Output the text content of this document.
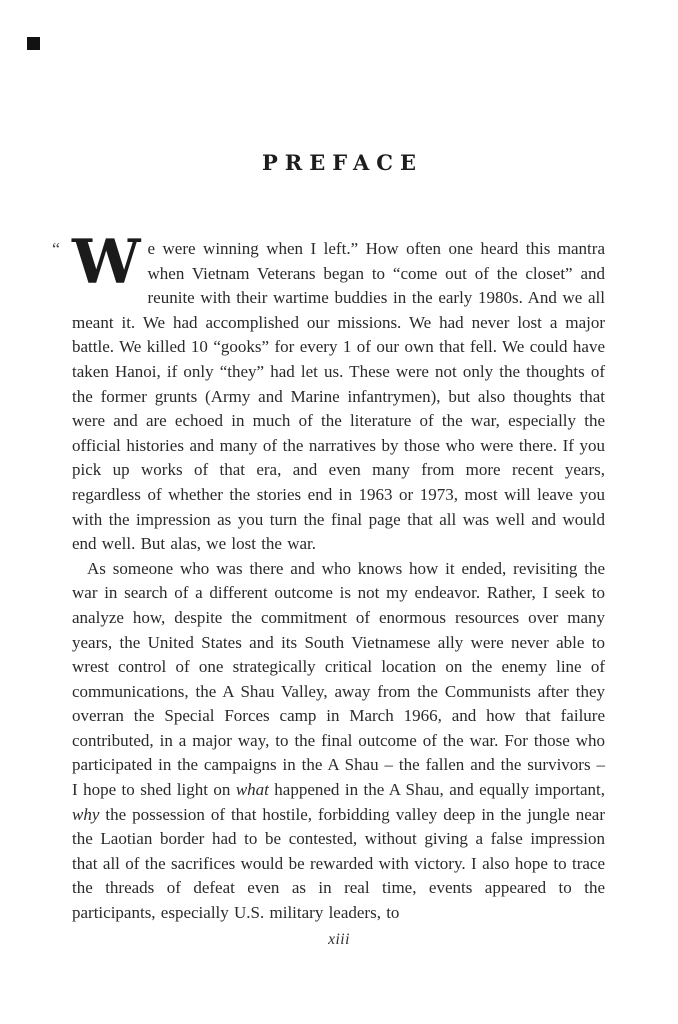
PREFACE

“ W e were winning when I left.” How often one heard this mantra when Vietnam Veterans began to “come out of the closet” and reunite with their wartime buddies in the early 1980s. And we all meant it. We had accomplished our missions. We had never lost a major battle. We killed 10 “gooks” for every 1 of our own that fell. We could have taken Hanoi, if only “they” had let us. These were not only the thoughts of the former grunts (Army and Marine infantrymen), but also thoughts that were and are echoed in much of the literature of the war, especially the official histories and many of the narratives by those who were there. If you pick up works of that era, and even many from more recent years, regardless of whether the stories end in 1963 or 1973, most will leave you with the impression as you turn the final page that all was well and would end well. But alas, we lost the war.

As someone who was there and who knows how it ended, revisiting the war in search of a different outcome is not my endeavor. Rather, I seek to analyze how, despite the commitment of enormous resources over many years, the United States and its South Vietnamese ally were never able to wrest control of one strategically critical location on the enemy line of communications, the A Shau Valley, away from the Communists after they overran the Special Forces camp in March 1966, and how that failure contributed, in a major way, to the final outcome of the war. For those who participated in the campaigns in the A Shau – the fallen and the survivors – I hope to shed light on what happened in the A Shau, and equally important, why the possession of that hostile, forbidding valley deep in the jungle near the Laotian border had to be contested, without giving a false impression that all of the sacrifices would be rewarded with victory. I also hope to trace the threads of defeat even as in real time, events appeared to the participants, especially U.S. military leaders, to

xiii
